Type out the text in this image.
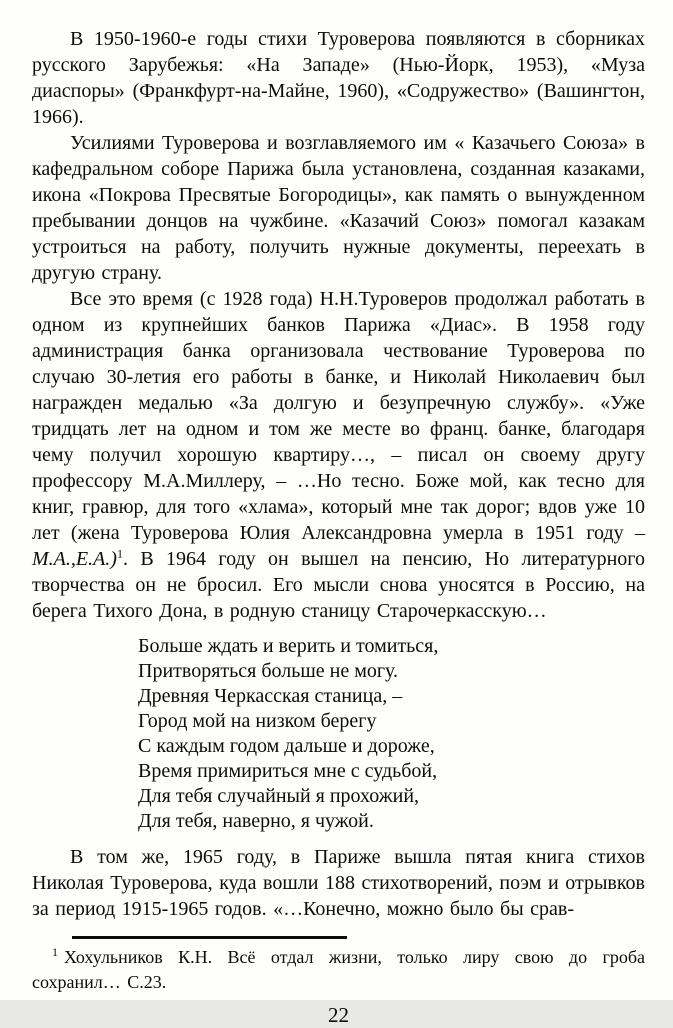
В 1950-1960-е годы стихи Туроверова появляются в сборниках русского Зарубежья: «На Западе» (Нью-Йорк, 1953), «Муза диаспоры» (Франкфурт-на-Майне, 1960), «Содружество» (Вашингтон, 1966).

Усилиями Туроверова и возглавляемого им « Казачьего Союза» в кафедральном соборе Парижа была установлена, созданная казаками, икона «Покрова Пресвятые Богородицы», как память о вынужденном пребывании донцов на чужбине. «Казачий Союз» помогал казакам устроиться на работу, получить нужные документы, переехать в другую страну.

Все это время (с 1928 года) Н.Н.Туроверов продолжал работать в одном из крупнейших банков Парижа «Диас». В 1958 году администрация банка организовала чествование Туроверова по случаю 30-летия его работы в банке, и Николай Николаевич был награжден медалью «За долгую и безупречную службу». «Уже тридцать лет на одном и том же месте во франц. банке, благодаря чему получил хорошую квартиру…, – писал он своему другу профессору М.А.Миллеру, – …Но тесно. Боже мой, как тесно для книг, гравюр, для того «хлама», который мне так дорог; вдов уже 10 лет (жена Туроверова Юлия Александровна умерла в 1951 году – М.А.,Е.А.)$^1$. В 1964 году он вышел на пенсию, Но литературного творчества он не бросил. Его мысли снова уносятся в Россию, на берега Тихого Дона, в родную станицу Старочеркасскую…

Больше ждать и верить и томиться,
Притворяться больше не могу.
Древняя Черкасская станица, –
Город мой на низком берегу
С каждым годом дальше и дороже,
Время примириться мне с судьбой,
Для тебя случайный я прохожий,
Для тебя, наверно, я чужой.

В том же, 1965 году, в Париже вышла пятая книга стихов Николая Туроверова, куда вошли 188 стихотворений, поэм и отрывков за период 1915-1965 годов. «…Конечно, можно было бы срав-

$^1$ Хохульников К.Н. Всё отдал жизни, только лиру свою до гроба сохранил… С.23.

22
